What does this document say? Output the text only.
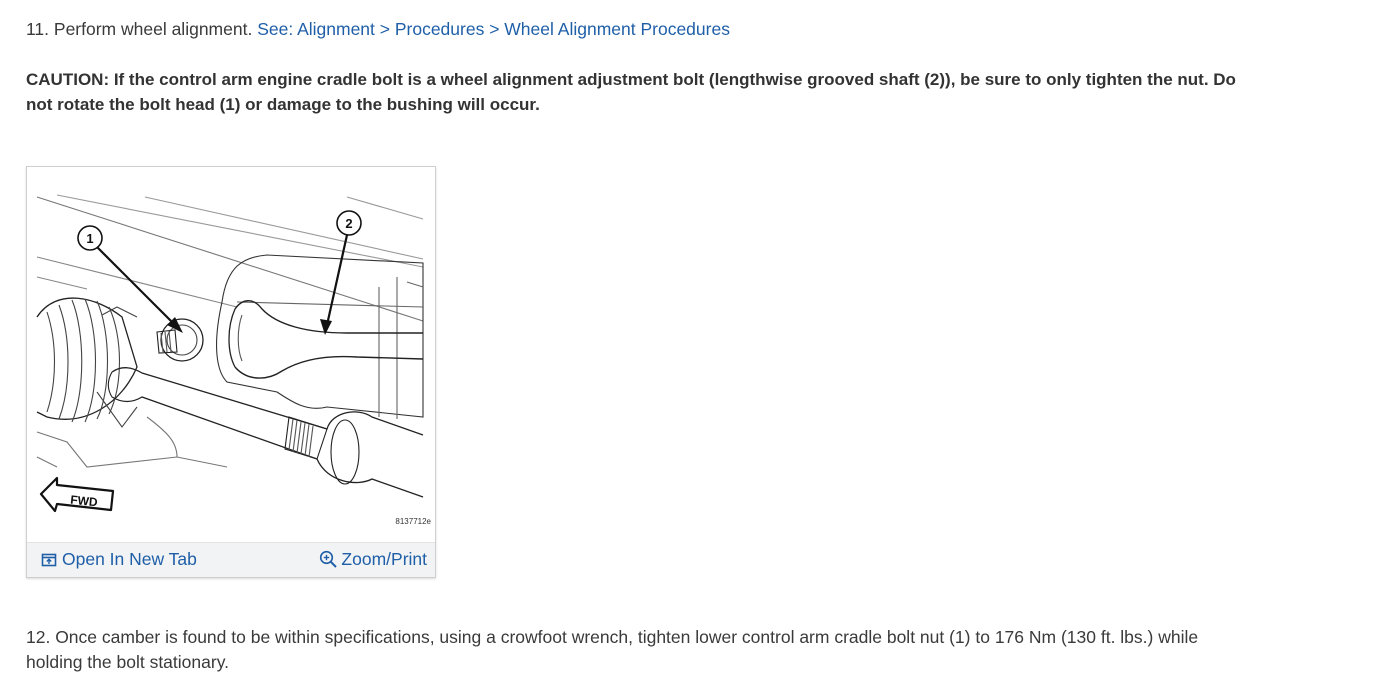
11. Perform wheel alignment. See: Alignment > Procedures > Wheel Alignment Procedures
CAUTION: If the control arm engine cradle bolt is a wheel alignment adjustment bolt (lengthwise grooved shaft (2)), be sure to only tighten the nut. Do not rotate the bolt head (1) or damage to the bushing will occur.
1
2
FWD
8137712e
Open In New Tab	Zoom/Print
12. Once camber is found to be within specifications, using a crowfoot wrench, tighten lower control arm cradle bolt nut (1) to 176 Nm (130 ft. lbs.) while holding the bolt stationary.
